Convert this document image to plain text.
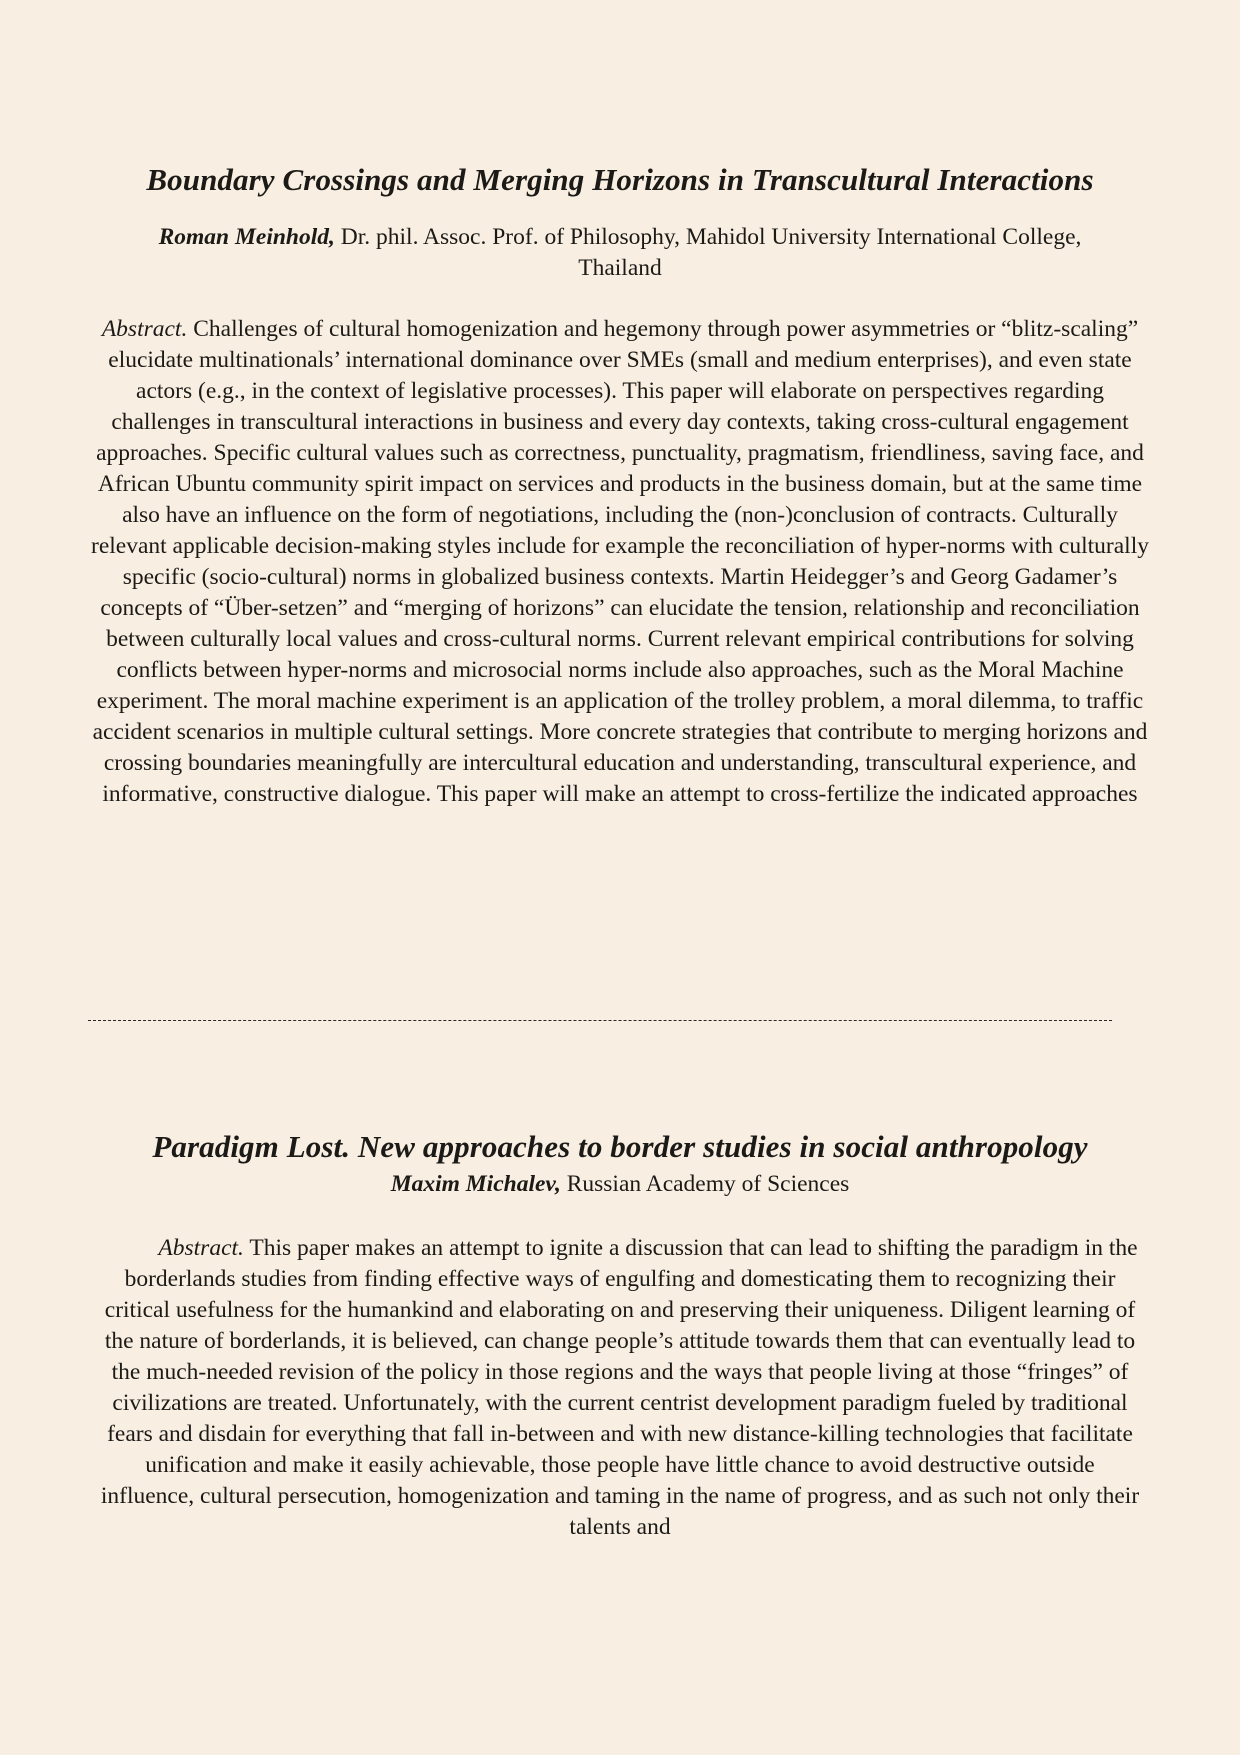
Boundary Crossings and Merging Horizons in Transcultural Interactions

Roman Meinhold, Dr. phil. Assoc. Prof. of Philosophy, Mahidol University International College, Thailand

Abstract. Challenges of cultural homogenization and hegemony through power asymmetries or “blitz-scaling” elucidate multinationals’ international dominance over SMEs (small and medium enterprises), and even state actors (e.g., in the context of legislative processes). This paper will elaborate on perspectives regarding challenges in transcultural interactions in business and every day contexts, taking cross-cultural engagement approaches. Specific cultural values such as correctness, punctuality, pragmatism, friendliness, saving face, and African Ubuntu community spirit impact on services and products in the business domain, but at the same time also have an influence on the form of negotiations, including the (non-)conclusion of contracts. Culturally relevant applicable decision-making styles include for example the reconciliation of hyper-norms with culturally specific (socio-cultural) norms in globalized business contexts. Martin Heidegger’s and Georg Gadamer’s concepts of “Über-setzen” and “merging of horizons” can elucidate the tension, relationship and reconciliation between culturally local values and cross-cultural norms. Current relevant empirical contributions for solving conflicts between hyper-norms and microsocial norms include also approaches, such as the Moral Machine experiment. The moral machine experiment is an application of the trolley problem, a moral dilemma, to traffic accident scenarios in multiple cultural settings. More concrete strategies that contribute to merging horizons and crossing boundaries meaningfully are intercultural education and understanding, transcultural experience, and informative, constructive dialogue. This paper will make an attempt to cross-fertilize the indicated approaches

Paradigm Lost. New approaches to border studies in social anthropology

Maxim Michalev, Russian Academy of Sciences

Abstract. This paper makes an attempt to ignite a discussion that can lead to shifting the paradigm in the borderlands studies from finding effective ways of engulfing and domesticating them to recognizing their critical usefulness for the humankind and elaborating on and preserving their uniqueness. Diligent learning of the nature of borderlands, it is believed, can change people’s attitude towards them that can eventually lead to the much-needed revision of the policy in those regions and the ways that people living at those “fringes” of civilizations are treated. Unfortunately, with the current centrist development paradigm fueled by traditional fears and disdain for everything that fall in-between and with new distance-killing technologies that facilitate unification and make it easily achievable, those people have little chance to avoid destructive outside influence, cultural persecution, homogenization and taming in the name of progress, and as such not only their talents and
